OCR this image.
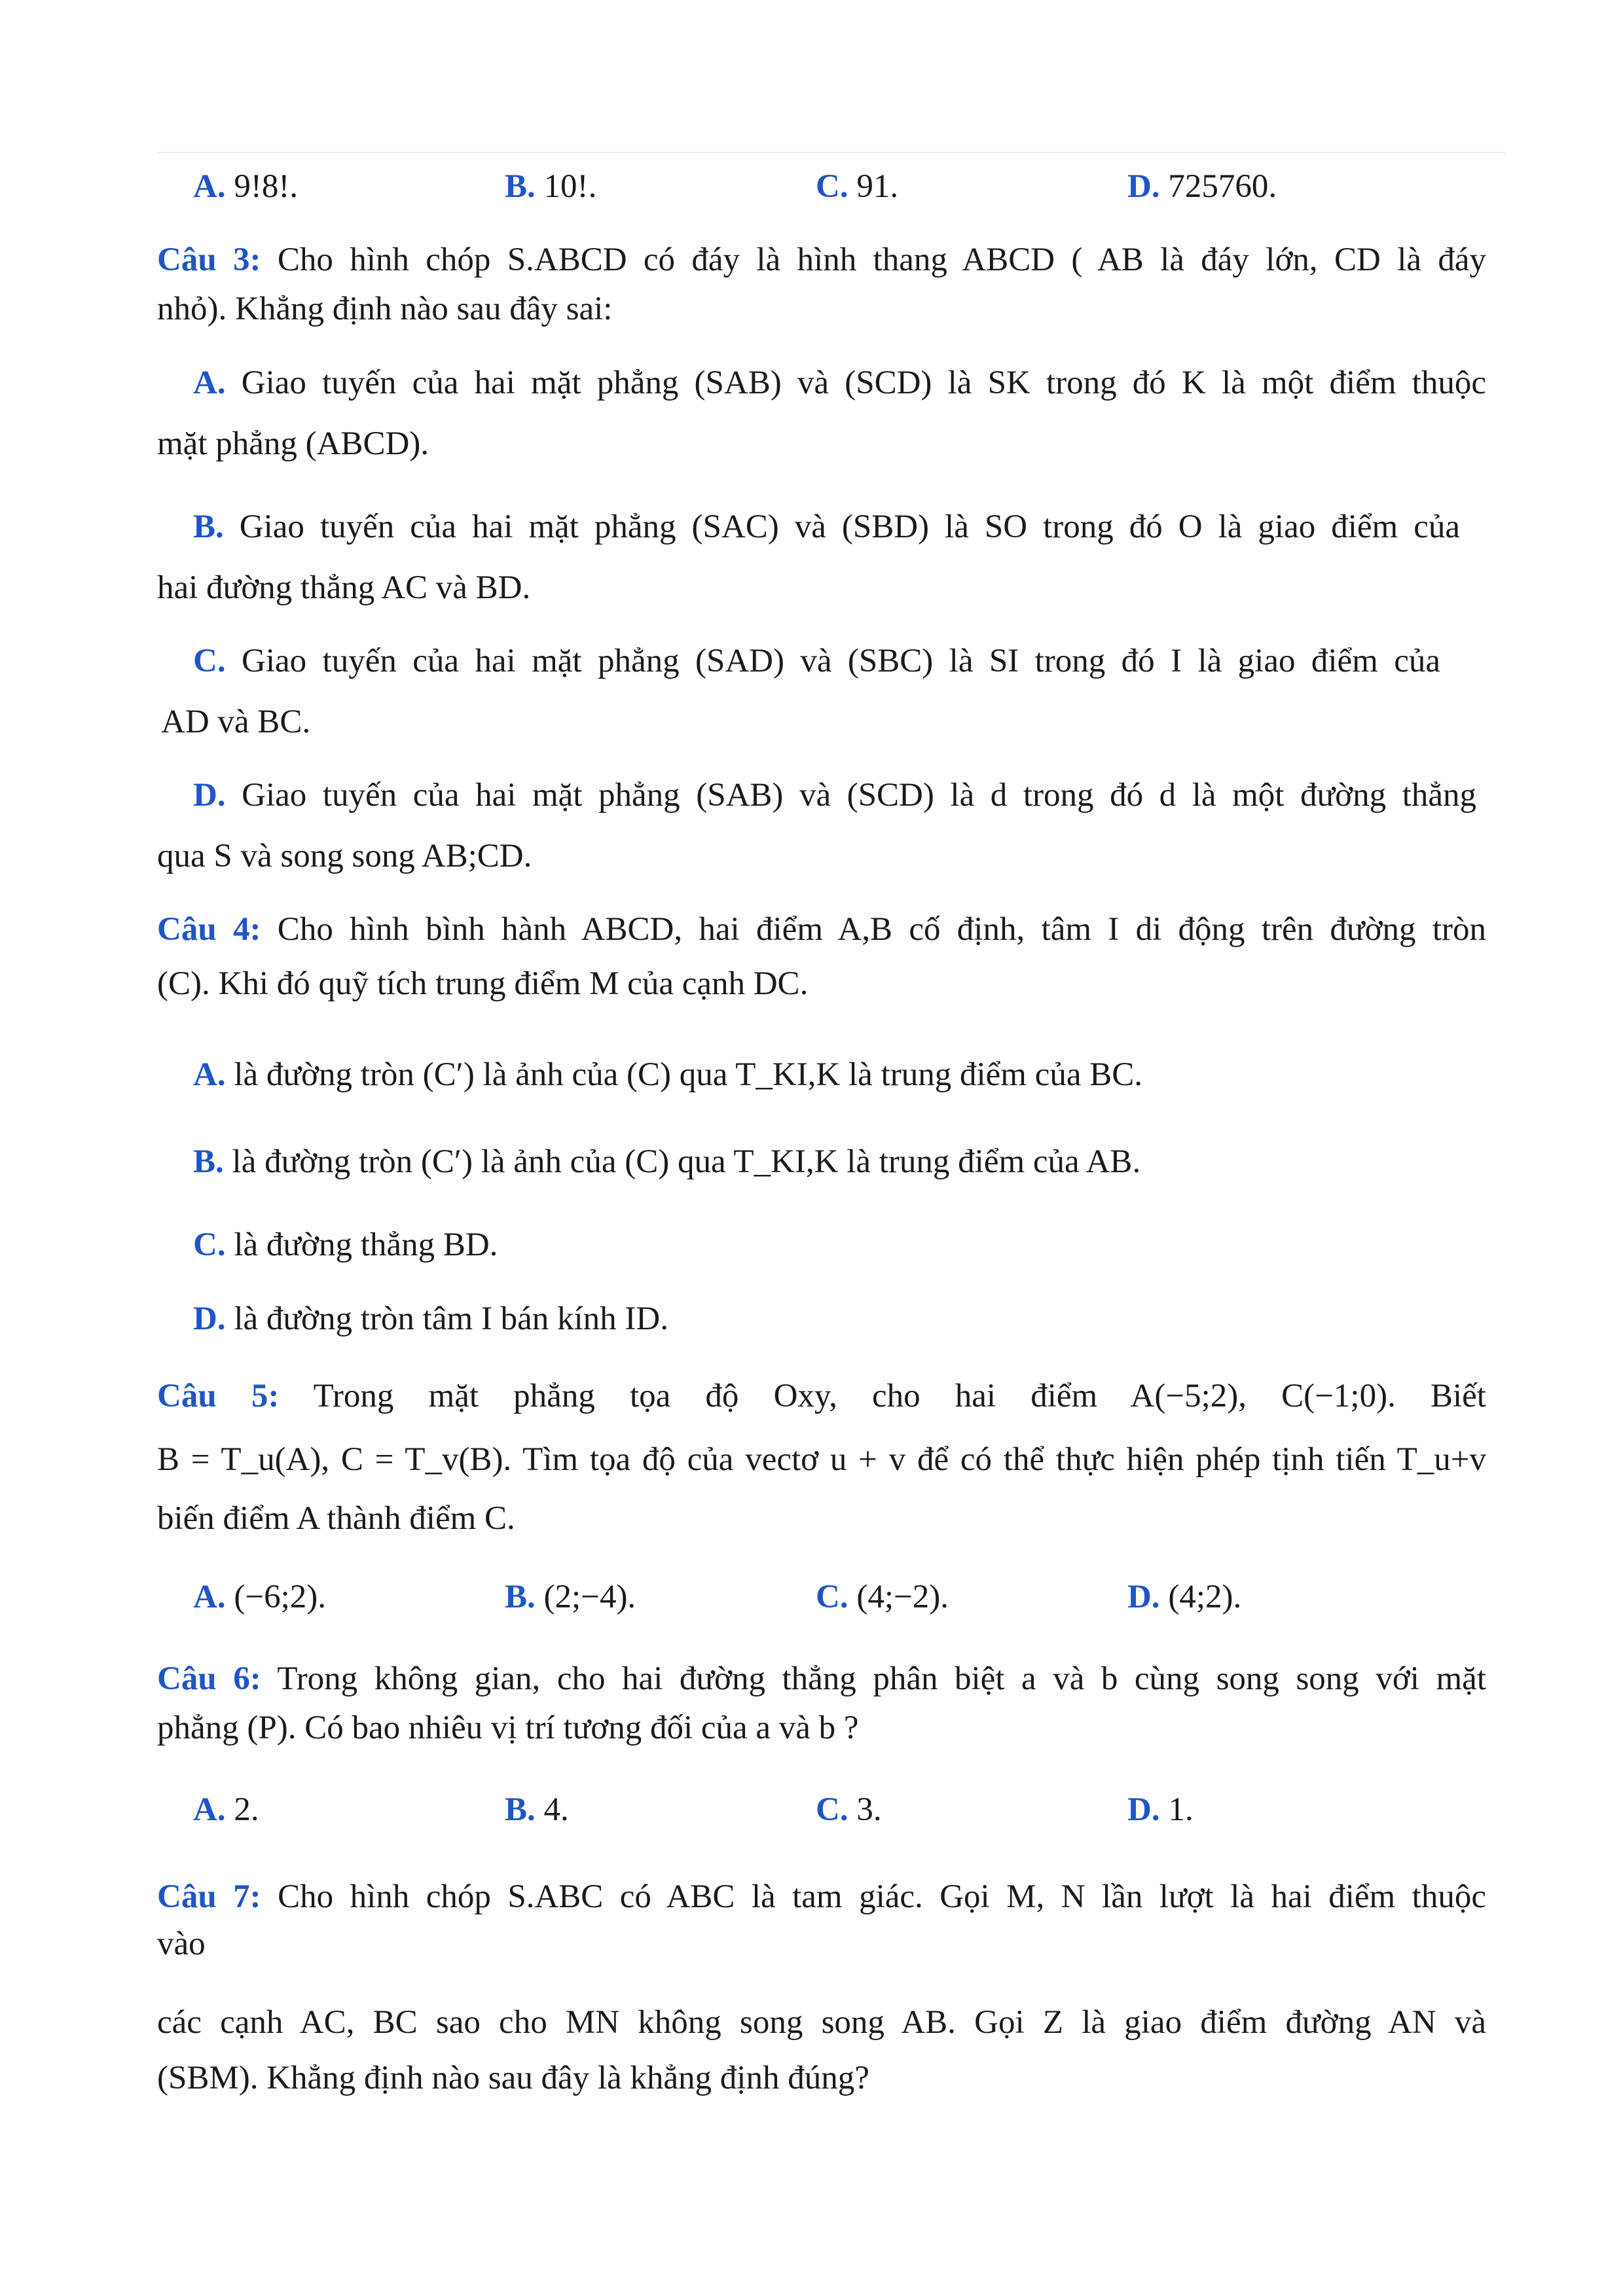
A. 9!8!.	B. 10!.	C. 91.	D. 725760.
Câu 3: Cho hình chóp S.ABCD có đáy là hình thang ABCD ( AB là đáy lớn, CD là đáy
nhỏ). Khẳng định nào sau đây sai:
A. Giao tuyến của hai mặt phẳng (SAB) và (SCD) là SK trong đó K là một điểm thuộc
mặt phẳng (ABCD).
B. Giao tuyến của hai mặt phẳng (SAC) và (SBD) là SO trong đó O là giao điểm của
hai đường thẳng AC và BD.
C. Giao tuyến của hai mặt phẳng (SAD) và (SBC) là SI trong đó I là giao điểm của
AD và BC.
D. Giao tuyến của hai mặt phẳng (SAB) và (SCD) là d trong đó d là một đường thẳng
qua S và song song AB;CD.
Câu 4: Cho hình bình hành ABCD, hai điểm A,B cố định, tâm I di động trên đường tròn
(C). Khi đó quỹ tích trung điểm M của cạnh DC.
A. là đường tròn (C′) là ảnh của (C) qua T_KI,K là trung điểm của BC.
B. là đường tròn (C′) là ảnh của (C) qua T_KI,K là trung điểm của AB.
C. là đường thẳng BD.
D. là đường tròn tâm I bán kính ID.
Câu 5: Trong mặt phẳng tọa độ Oxy, cho hai điểm A(−5;2), C(−1;0). Biết
B = T_u(A), C = T_v(B). Tìm tọa độ của vectơ u + v để có thể thực hiện phép tịnh tiến T_u+v
biến điểm A thành điểm C.
A. (−6;2).	B. (2;−4).	C. (4;−2).	D. (4;2).
Câu 6: Trong không gian, cho hai đường thẳng phân biệt a và b cùng song song với mặt
phẳng (P). Có bao nhiêu vị trí tương đối của a và b ?
A. 2.	B. 4.	C. 3.	D. 1.
Câu 7: Cho hình chóp S.ABC có ABC là tam giác. Gọi M, N lần lượt là hai điểm thuộc
vào
các cạnh AC, BC sao cho MN không song song AB. Gọi Z là giao điểm đường AN và
(SBM). Khẳng định nào sau đây là khẳng định đúng?
